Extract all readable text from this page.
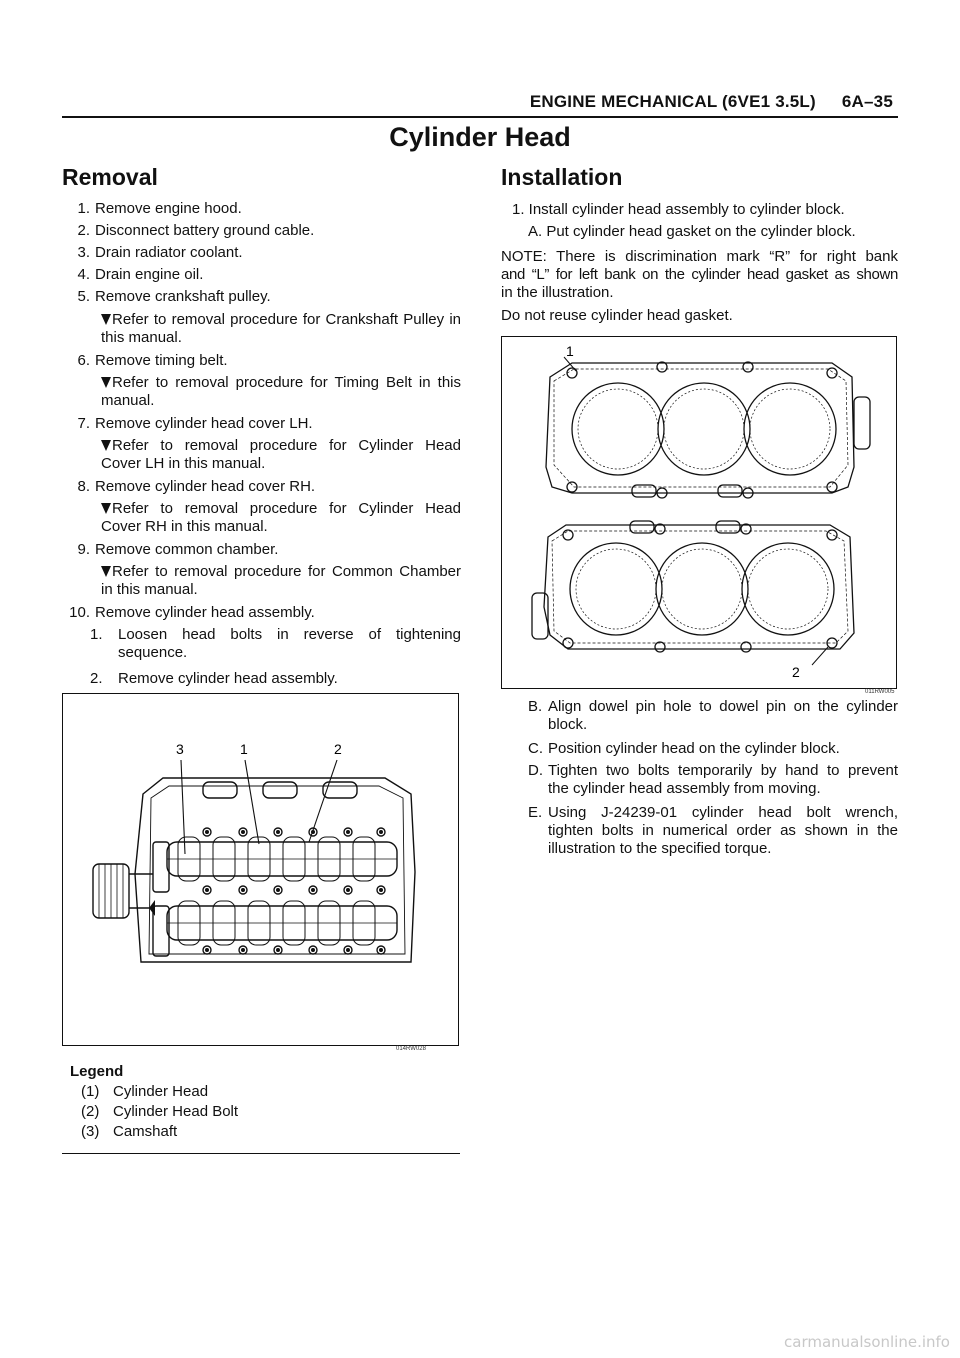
ENGINE MECHANICAL (6VE1 3.5L) 6A–35
Cylinder Head
Removal
1. Remove engine hood.
2. Disconnect battery ground cable.
3. Drain radiator coolant.
4. Drain engine oil.
5. Remove crankshaft pulley.
Refer to removal procedure for Crankshaft Pulley in
this manual.
6. Remove timing belt.
Refer to removal procedure for Timing Belt in this
manual.
7. Remove cylinder head cover LH.
Refer to removal procedure for Cylinder Head
Cover LH in this manual.
8. Remove cylinder head cover RH.
Refer to removal procedure for Cylinder Head
Cover RH in this manual.
9. Remove common chamber.
Refer to removal procedure for Common Chamber
in this manual.
10. Remove cylinder head assembly.
1. Loosen head bolts in reverse of tightening
sequence.
2. Remove cylinder head assembly.
3	1	2
014RW028
Legend
(1) Cylinder Head
(2) Cylinder Head Bolt
(3) Camshaft
Installation
1. Install cylinder head assembly to cylinder block.
A. Put cylinder head gasket on the cylinder block.
NOTE: There is discrimination mark “R” for right bank
and “L” for left bank on the cylinder head gasket as shown
in the illustration.
Do not reuse cylinder head gasket.
1
2
011RW005
B. Align dowel pin hole to dowel pin on the cylinder
block.
C. Position cylinder head on the cylinder block.
D. Tighten two bolts temporarily by hand to prevent
the cylinder head assembly from moving.
E. Using J-24239-01 cylinder head bolt wrench,
tighten bolts in numerical order as shown in the
illustration to the specified torque.
carmanualsonline.info
